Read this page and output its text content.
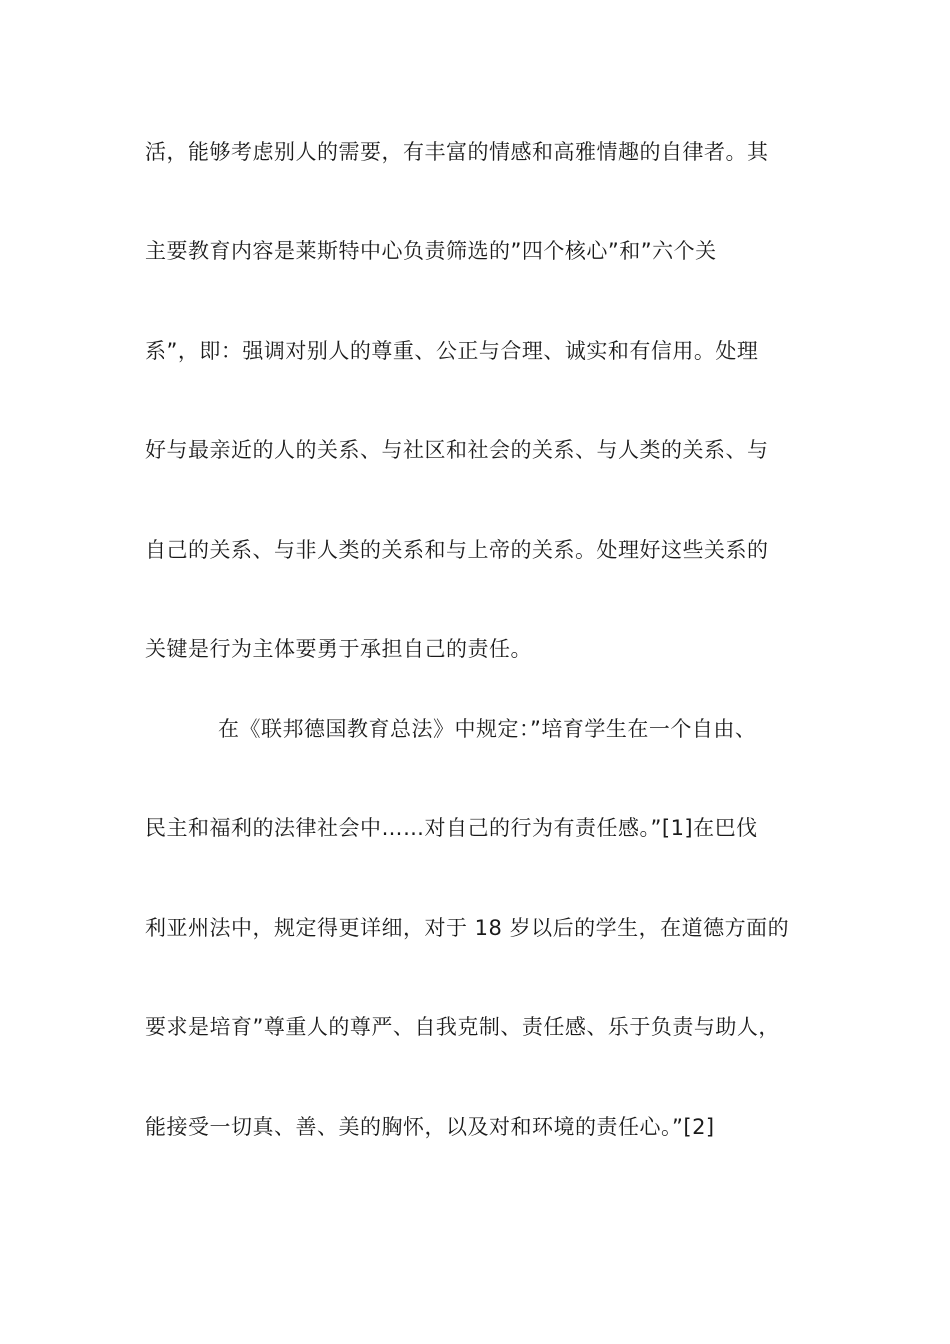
活，能够考虑别人的需要，有丰富的情感和高雅情趣的自律者。其
主要教育内容是莱斯特中心负责筛选的”四个核心”和”六个关
系”，即：强调对别人的尊重、公正与合理、诚实和有信用。处理
好与最亲近的人的关系、与社区和社会的关系、与人类的关系、与
自己的关系、与非人类的关系和与上帝的关系。处理好这些关系的
关键是行为主体要勇于承担自己的责任。
在《联邦德国教育总法》中规定：”培育学生在一个自由、
民主和福利的法律社会中……对自己的行为有责任感。”[1]在巴伐
利亚州法中，规定得更详细，对于 18 岁以后的学生，在道德方面的
要求是培育”尊重人的尊严、自我克制、责任感、乐于负责与助人，
能接受一切真、善、美的胸怀，以及对和环境的责任心。”[2]
